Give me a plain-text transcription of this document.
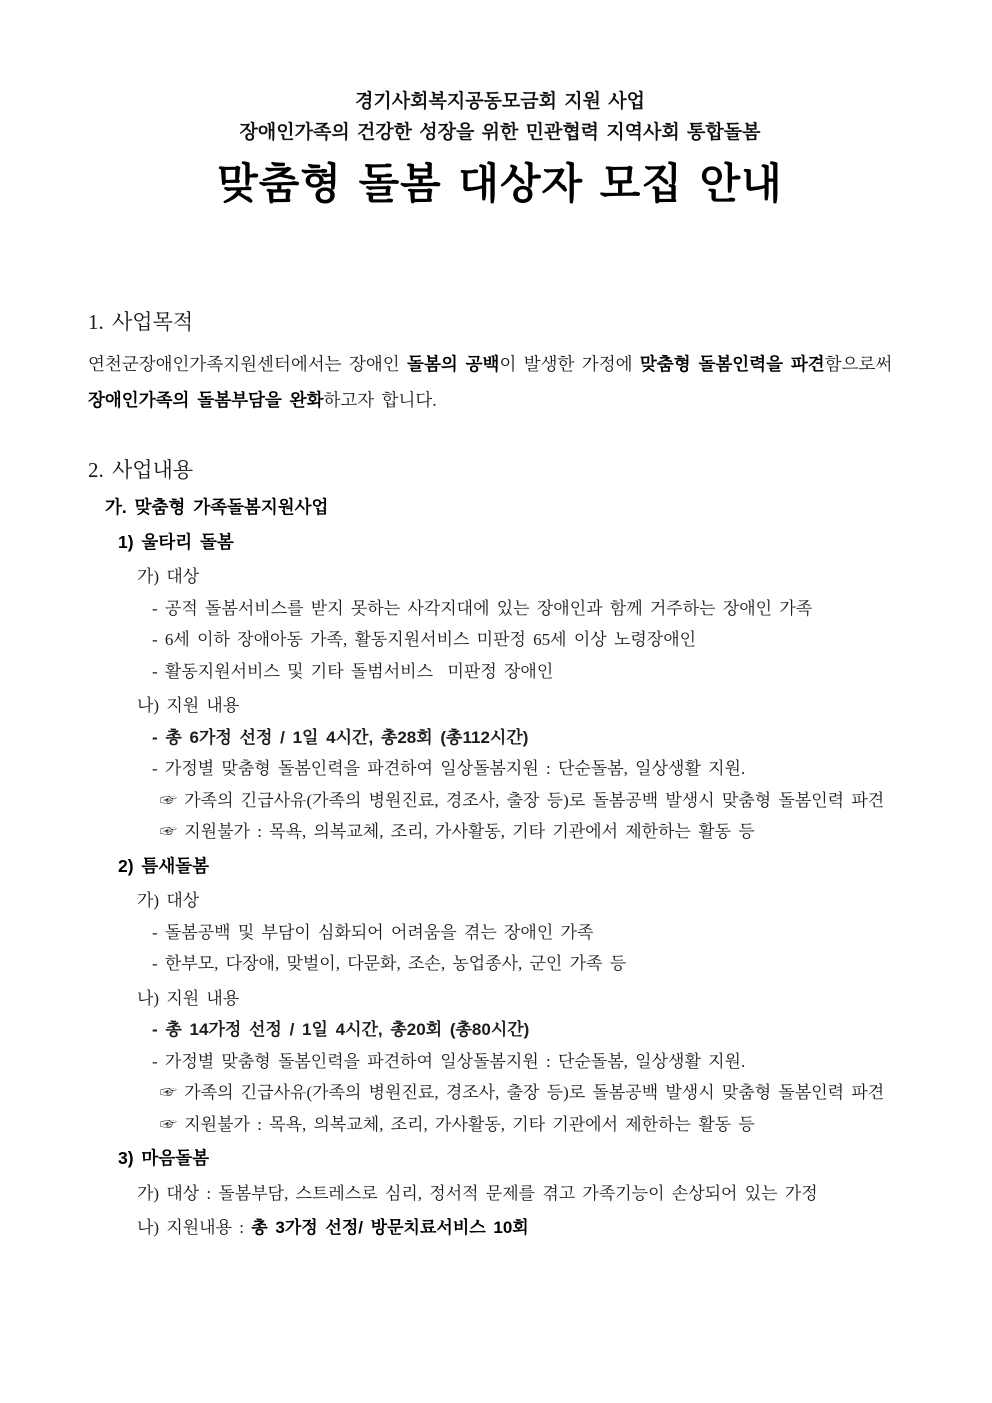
경기사회복지공동모금회 지원 사업
장애인가족의 건강한 성장을 위한 민관협력 지역사회 통합돌봄
맞춤형 돌봄 대상자 모집 안내
1. 사업목적

연천군장애인가족지원센터에서는 장애인 돌봄의 공백이 발생한 가정에 맞춤형 돌봄인력을 파견함으로써 장애인가족의 돌봄부담을 완화하고자 합니다.

2. 사업내용
가. 맞춤형 가족돌봄지원사업
1) 울타리 돌봄
가) 대상
- 공적 돌봄서비스를 받지 못하는 사각지대에 있는 장애인과 함께 거주하는 장애인 가족
- 6세 이하 장애아동 가족, 활동지원서비스 미판정 65세 이상 노령장애인
- 활동지원서비스 및 기타 돌범서비스  미판정 장애인
나) 지원 내용
- 총 6가정 선정 / 1일 4시간, 총28회 (총112시간)
- 가정별 맞춤형 돌봄인력을 파견하여 일상돌봄지원 : 단순돌봄, 일상생활 지원.
☞ 가족의 긴급사유(가족의 병원진료, 경조사, 출장 등)로 돌봄공백 발생시 맞춤형 돌봄인력 파견
☞ 지원불가 : 목욕, 의복교체, 조리, 가사활동, 기타 기관에서 제한하는 활동 등
2) 틈새돌봄
가) 대상
- 돌봄공백 및 부담이 심화되어 어려움을 겪는 장애인 가족
- 한부모, 다장애, 맞벌이, 다문화, 조손, 농업종사, 군인 가족 등
나) 지원 내용
- 총 14가정 선정 / 1일 4시간, 총20회 (총80시간)
- 가정별 맞춤형 돌봄인력을 파견하여 일상돌봄지원 : 단순돌봄, 일상생활 지원.
☞ 가족의 긴급사유(가족의 병원진료, 경조사, 출장 등)로 돌봄공백 발생시 맞춤형 돌봄인력 파견
☞ 지원불가 : 목욕, 의복교체, 조리, 가사활동, 기타 기관에서 제한하는 활동 등
3) 마음돌봄
가) 대상 : 돌봄부담, 스트레스로 심리, 정서적 문제를 겪고 가족기능이 손상되어 있는 가정
나) 지원내용 : 총 3가정 선정/ 방문치료서비스 10회
